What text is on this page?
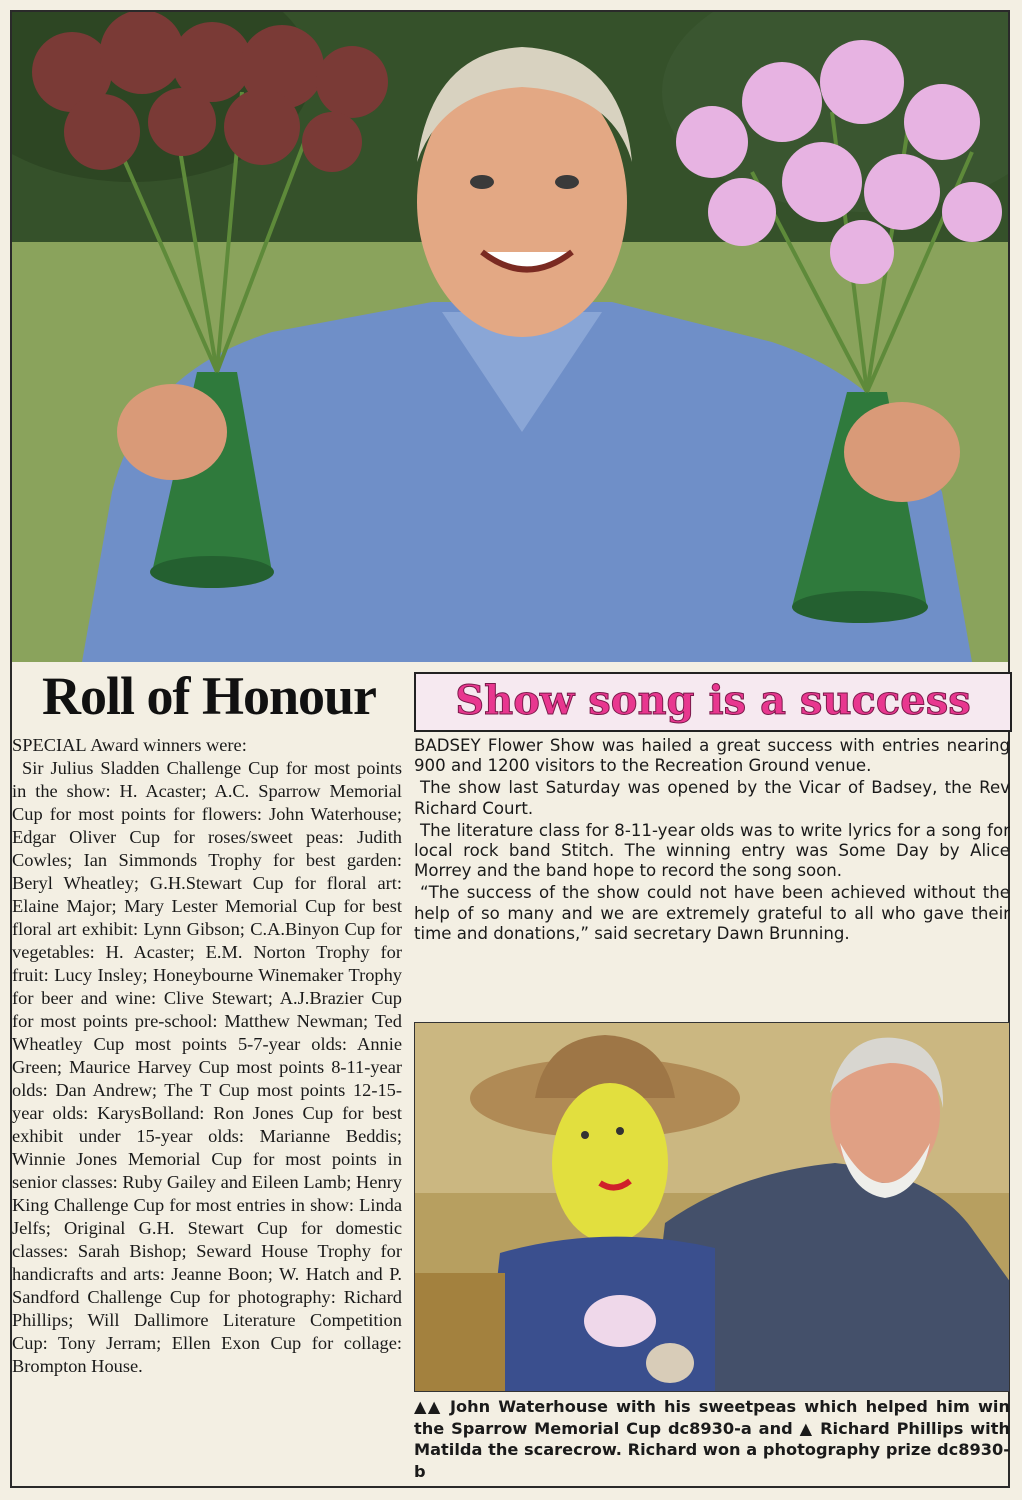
Roll of Honour	Show song is a success

SPECIAL Award winners were:

Sir Julius Sladden Challenge Cup for most points in the show: H. Acaster; A.C. Sparrow Memorial Cup for most points for flowers: John Waterhouse; Edgar Oliver Cup for roses/sweet peas: Judith Cowles; Ian Simmonds Trophy for best garden: Beryl Wheatley; G.H.Stewart Cup for floral art: Elaine Major; Mary Lester Memorial Cup for best floral art exhibit: Lynn Gibson; C.A.Binyon Cup for vegetables: H. Acaster; E.M. Norton Trophy for fruit: Lucy Insley; Honeybourne Winemaker Trophy for beer and wine: Clive Stewart; A.J.Brazier Cup for most points pre-school: Matthew Newman; Ted Wheatley Cup most points 5-7-year olds: Annie Green; Maurice Harvey Cup most points 8-11-year olds: Dan Andrew; The T Cup most points 12-15-year olds: KarysBolland: Ron Jones Cup for best exhibit under 15-year olds: Marianne Beddis; Winnie Jones Memorial Cup for most points in senior classes: Ruby Gailey and Eileen Lamb; Henry King Challenge Cup for most entries in show: Linda Jelfs; Original G.H. Stewart Cup for domestic classes: Sarah Bishop; Seward House Trophy for handicrafts and arts: Jeanne Boon; W. Hatch and P. Sandford Challenge Cup for photography: Richard Phillips; Will Dallimore Literature Competition Cup: Tony Jerram; Ellen Exon Cup for collage: Brompton House.

BADSEY Flower Show was hailed a great success with entries nearing 900 and 1200 visitors to the Recreation Ground venue.

The show last Saturday was opened by the Vicar of Badsey, the Rev Richard Court.

The literature class for 8-11-year olds was to write lyrics for a song for local rock band Stitch. The winning entry was Some Day by Alice Morrey and the band hope to record the song soon.

“The success of the show could not have been achieved without the help of so many and we are extremely grateful to all who gave their time and donations,” said secretary Dawn Brunning.

▲▲ John Waterhouse with his sweetpeas which helped him win the Sparrow Memorial Cup dc8930-a and ▲ Richard Phillips with Matilda the scarecrow. Richard won a photography prize dc8930-b
